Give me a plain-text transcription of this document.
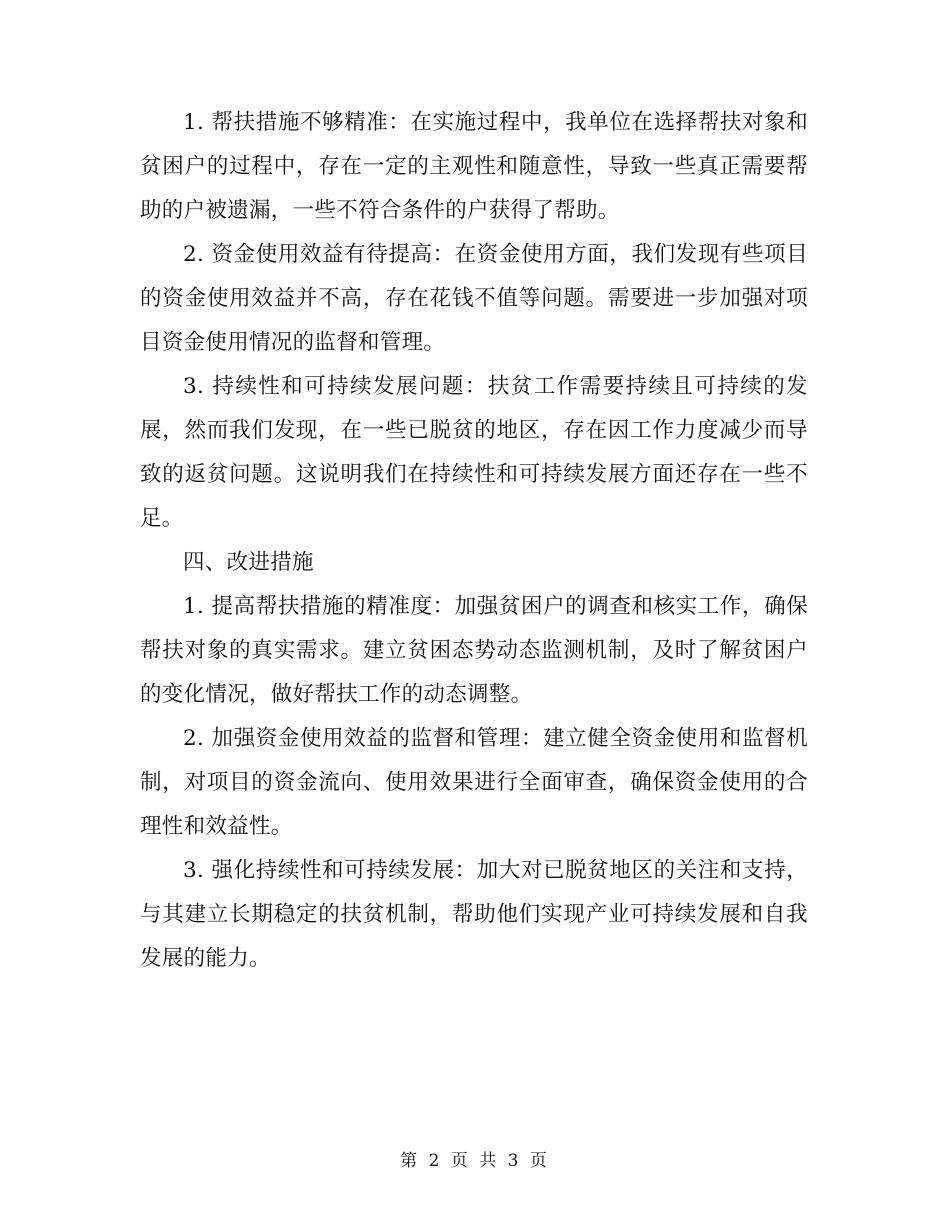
1. 帮扶措施不够精准：在实施过程中，我单位在选择帮扶对象和贫困户的过程中，存在一定的主观性和随意性，导致一些真正需要帮助的户被遗漏，一些不符合条件的户获得了帮助。

2. 资金使用效益有待提高：在资金使用方面，我们发现有些项目的资金使用效益并不高，存在花钱不值等问题。需要进一步加强对项目资金使用情况的监督和管理。

3. 持续性和可持续发展问题：扶贫工作需要持续且可持续的发展，然而我们发现，在一些已脱贫的地区，存在因工作力度减少而导致的返贫问题。这说明我们在持续性和可持续发展方面还存在一些不足。

四、改进措施

1. 提高帮扶措施的精准度：加强贫困户的调查和核实工作，确保帮扶对象的真实需求。建立贫困态势动态监测机制，及时了解贫困户的变化情况，做好帮扶工作的动态调整。

2. 加强资金使用效益的监督和管理：建立健全资金使用和监督机制，对项目的资金流向、使用效果进行全面审查，确保资金使用的合理性和效益性。

3. 强化持续性和可持续发展：加大对已脱贫地区的关注和支持，与其建立长期稳定的扶贫机制，帮助他们实现产业可持续发展和自我发展的能力。

第 2 页 共 3 页
